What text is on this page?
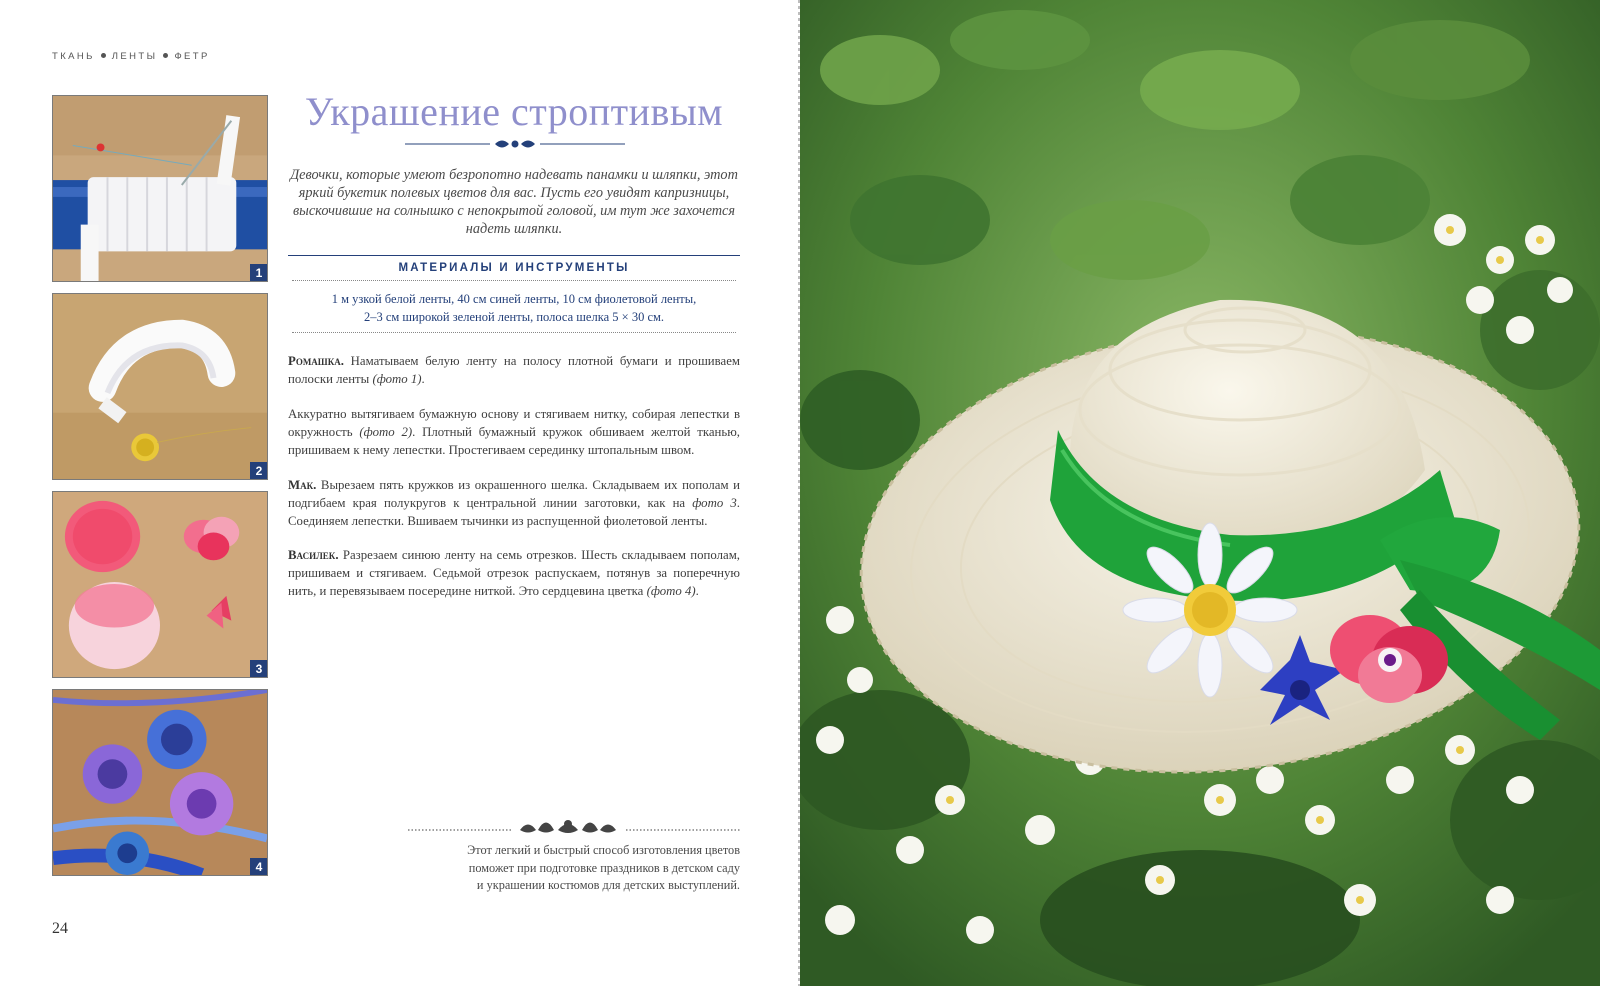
ТКАНЬ ЛЕНТЫ ФЕТР
1
2
3
4
Украшение строптивым
Девочки, которые умеют безропотно надевать панамки и шляпки, этот яркий букетик полевых цветов для вас. Пусть его увидят капризницы, выскочившие на солнышко с непокрытой головой, им тут же захочется надеть шляпки.
МАТЕРИАЛЫ И ИНСТРУМЕНТЫ
1 м узкой белой ленты, 40 см синей ленты, 10 см фиолетовой ленты,
2–3 см широкой зеленой ленты, полоса шелка 5 × 30 см.
Ромашка. Наматываем белую ленту на полосу плотной бумаги и прошиваем полоски ленты (фото 1).
Аккуратно вытягиваем бумажную основу и стягиваем нитку, собирая лепестки в окружность (фото 2). Плотный бумажный кружок обшиваем желтой тканью, пришиваем к нему лепестки. Простегиваем серединку штопальным швом.
Мак. Вырезаем пять кружков из окрашенного шелка. Складываем их пополам и подгибаем края полукругов к центральной линии заготовки, как на фото 3. Соединяем лепестки. Вшиваем тычинки из распущенной фиолетовой ленты.
Василек. Разрезаем синюю ленту на семь отрезков. Шесть складываем пополам, пришиваем и стягиваем. Седьмой отрезок распускаем, потянув за поперечную нить, и перевязываем посередине ниткой. Это сердцевина цветка (фото 4).
Этот легкий и быстрый способ изготовления цветов
поможет при подготовке праздников в детском саду
и украшении костюмов для детских выступлений.
24
